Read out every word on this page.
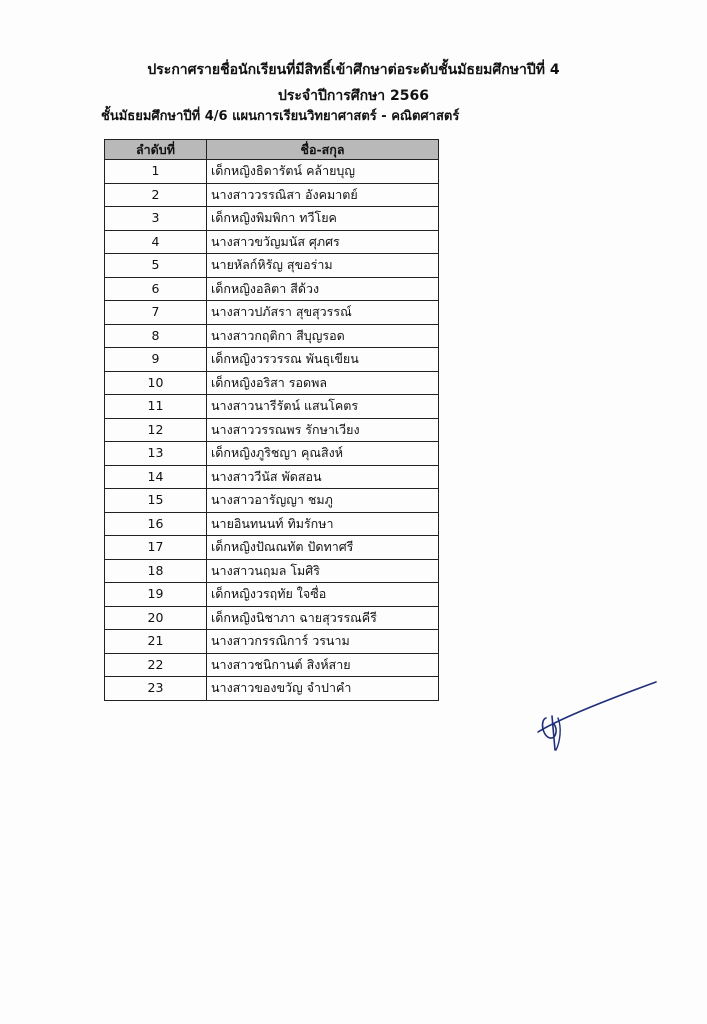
ประกาศรายชื่อนักเรียนที่มีสิทธิ์เข้าศึกษาต่อระดับชั้นมัธยมศึกษาปีที่ 4
ประจำปีการศึกษา 2566
ชั้นมัธยมศึกษาปีที่ 4/6 แผนการเรียนวิทยาศาสตร์ - คณิตศาสตร์
ลำดับที่	ชื่อ-สกุล
1	เด็กหญิงธิดารัตน์ คล้ายบุญ
2	นางสาววรรณิสา อังคมาตย์
3	เด็กหญิงพิมพิกา ทวีโยค
4	นางสาวขวัญมนัส ศุภศร
5	นายหัลก์หิรัญ สุขอร่าม
6	เด็กหญิงอลิตา สีด้วง
7	นางสาวปภัสรา สุขสุวรรณ์
8	นางสาวกฤติกา สีบุญรอด
9	เด็กหญิงวรวรรณ พันธุเขียน
10	เด็กหญิงอริสา รอดพล
11	นางสาวนารีรัตน์ แสนโคตร
12	นางสาววรรณพร รักษาเวียง
13	เด็กหญิงภูริชญา คุณสิงห์
14	นางสาววีนัส พัดสอน
15	นางสาวอารัญญา ชมภู
16	นายอินทนนท์ ทิมรักษา
17	เด็กหญิงปัณณทัต ปัดทาศรี
18	นางสาวนฤมล โมศิริ
19	เด็กหญิงวรฤทัย ใจซื่อ
20	เด็กหญิงนิชาภา ฉายสุวรรณคีรี
21	นางสาวกรรณิการ์ วรนาม
22	นางสาวชนิกานต์ สิงห์สาย
23	นางสาวของขวัญ จำปาคำ
